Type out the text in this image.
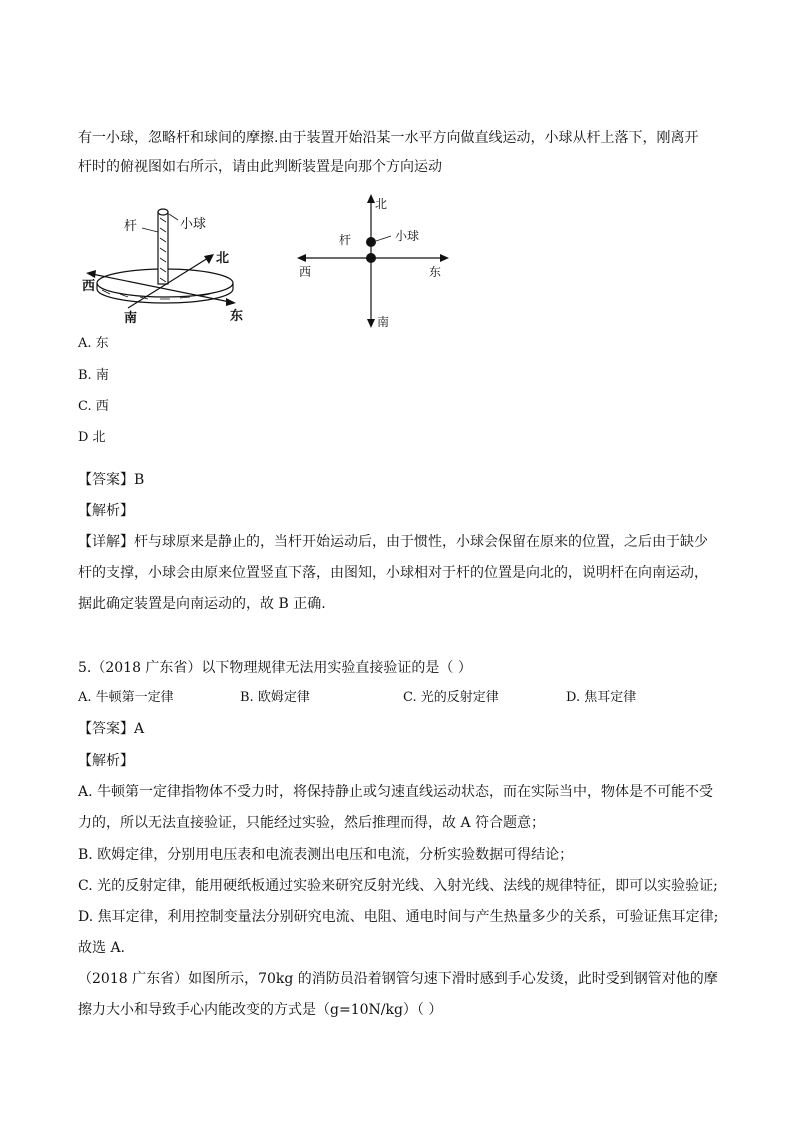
有一小球，忽略杆和球间的摩擦.由于装置开始沿某一水平方向做直线运动，小球从杆上落下，刚离开
杆时的俯视图如右所示，请由此判断装置是向那个方向运动
杆	小球
北
西
东
南
北
杆	小球
西	东
南
A. 东
B. 南
C. 西
D 北
【答案】B
【解析】
【详解】杆与球原来是静止的，当杆开始运动后，由于惯性，小球会保留在原来的位置，之后由于缺少
杆的支撑，小球会由原来位置竖直下落，由图知，小球相对于杆的位置是向北的，说明杆在向南运动，
据此确定装置是向南运动的，故 B 正确.
5.（2018 广东省）以下物理规律无法用实验直接验证的是（ ）
A. 牛顿第一定律	B. 欧姆定律	C. 光的反射定律	D. 焦耳定律
【答案】A
【解析】
A. 牛顿第一定律指物体不受力时，将保持静止或匀速直线运动状态，而在实际当中，物体是不可能不受
力的，所以无法直接验证，只能经过实验，然后推理而得，故 A 符合题意；
B. 欧姆定律，分别用电压表和电流表测出电压和电流，分析实验数据可得结论；
C. 光的反射定律，能用硬纸板通过实验来研究反射光线、入射光线、法线的规律特征，即可以实验验证;
D. 焦耳定律，利用控制变量法分别研究电流、电阻、通电时间与产生热量多少的关系，可验证焦耳定律;
故选 A.
（2018 广东省）如图所示，70kg 的消防员沿着钢管匀速下滑时感到手心发烫，此时受到钢管对他的摩
擦力大小和导致手心内能改变的方式是（g=10N/kg）（ ）
